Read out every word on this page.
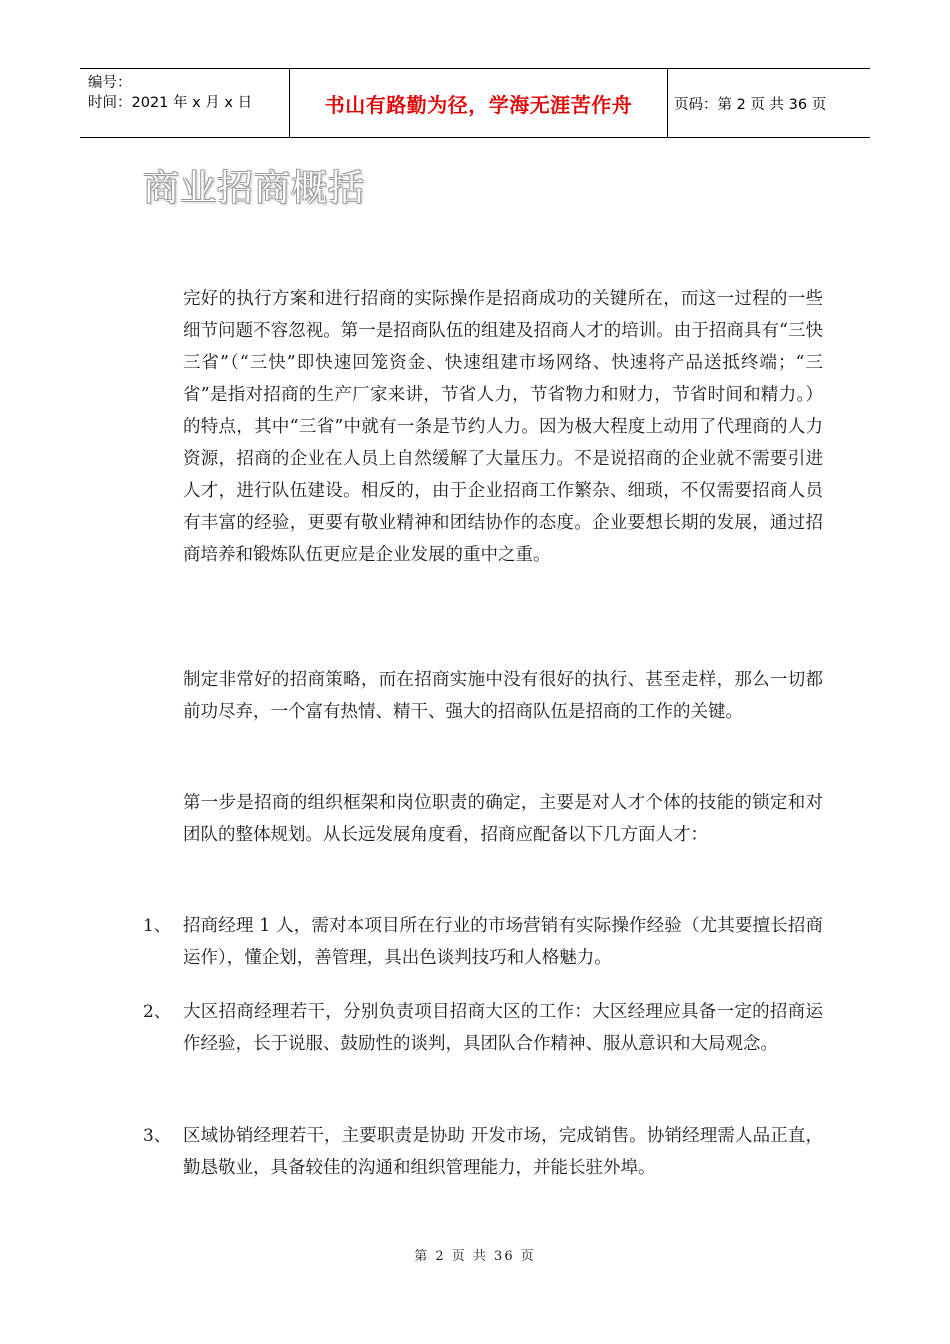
编号：
时间：2021 年 x 月 x 日	书山有路勤为径，学海无涯苦作舟	页码：第 2 页 共 36 页
商业招商概括

完好的执行方案和进行招商的实际操作是招商成功的关键所在，而这一过程的一些细节问题不容忽视。第一是招商队伍的组建及招商人才的培训。由于招商具有“三快三省”（“三快”即快速回笼资金、快速组建市场网络、快速将产品送抵终端；“三省”是指对招商的生产厂家来讲，节省人力，节省物力和财力，节省时间和精力。）的特点，其中“三省”中就有一条是节约人力。因为极大程度上动用了代理商的人力资源，招商的企业在人员上自然缓解了大量压力。不是说招商的企业就不需要引进人才，进行队伍建设。相反的，由于企业招商工作繁杂、细琐，不仅需要招商人员有丰富的经验，更要有敬业精神和团结协作的态度。企业要想长期的发展，通过招商培养和锻炼队伍更应是企业发展的重中之重。

制定非常好的招商策略，而在招商实施中没有很好的执行、甚至走样，那么一切都前功尽弃，一个富有热情、精干、强大的招商队伍是招商的工作的关键。

第一步是招商的组织框架和岗位职责的确定，主要是对人才个体的技能的锁定和对团队的整体规划。从长远发展角度看，招商应配备以下几方面人才：

1、 招商经理 1 人，需对本项目所在行业的市场营销有实际操作经验（尤其要擅长招商运作），懂企划，善管理，具出色谈判技巧和人格魅力。

2、 大区招商经理若干，分别负责项目招商大区的工作：大区经理应具备一定的招商运作经验，长于说服、鼓励性的谈判，具团队合作精神、服从意识和大局观念。

3、 区域协销经理若干，主要职责是协助 开发市场，完成销售。协销经理需人品正直，勤恳敬业，具备较佳的沟通和组织管理能力，并能长驻外埠。

第 2 页 共 36 页
